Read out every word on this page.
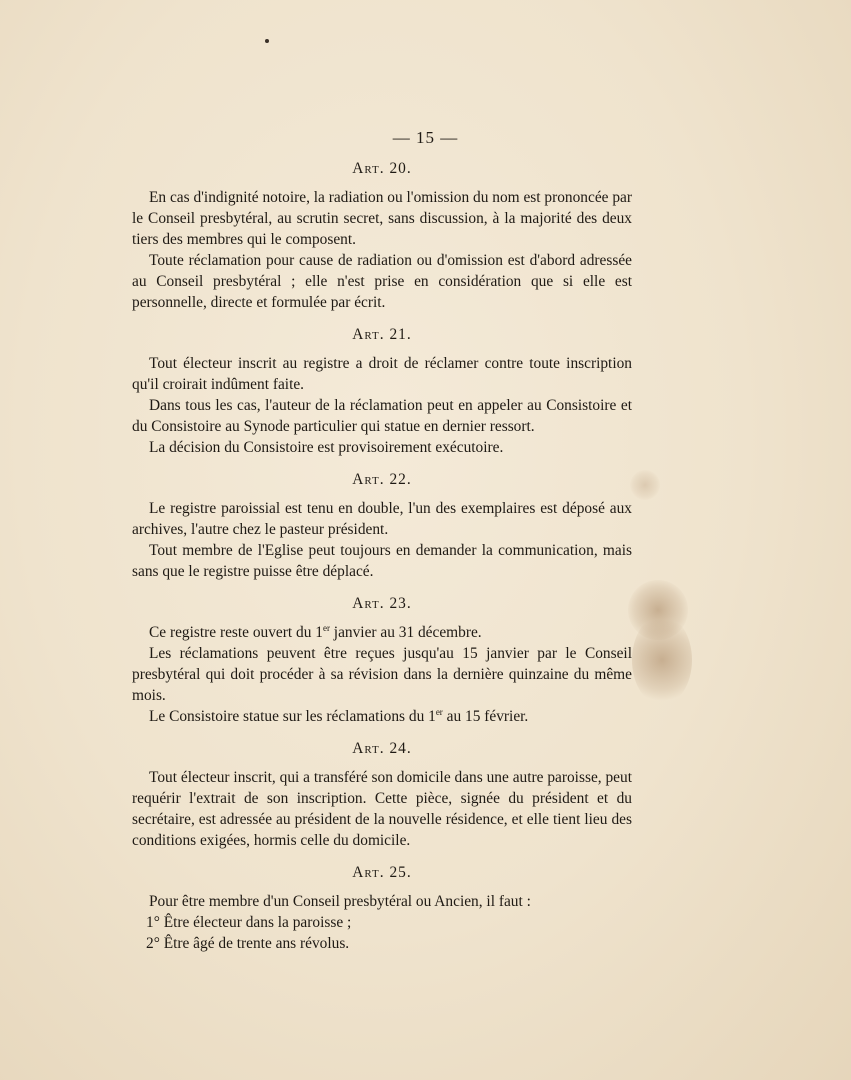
— 15 —
Art. 20.

En cas d'indignité notoire, la radiation ou l'omission du nom est prononcée par le Conseil presbytéral, au scrutin secret, sans discussion, à la majorité des deux tiers des membres qui le composent.

Toute réclamation pour cause de radiation ou d'omission est d'abord adressée au Conseil presbytéral ; elle n'est prise en considération que si elle est personnelle, directe et formulée par écrit.

Art. 21.

Tout électeur inscrit au registre a droit de réclamer contre toute inscription qu'il croirait indûment faite.

Dans tous les cas, l'auteur de la réclamation peut en appeler au Consistoire et du Consistoire au Synode particulier qui statue en dernier ressort.

La décision du Consistoire est provisoirement exécutoire.

Art. 22.

Le registre paroissial est tenu en double, l'un des exemplaires est déposé aux archives, l'autre chez le pasteur président.

Tout membre de l'Eglise peut toujours en demander la communication, mais sans que le registre puisse être déplacé.

Art. 23.

Ce registre reste ouvert du 1er janvier au 31 décembre.

Les réclamations peuvent être reçues jusqu'au 15 janvier par le Conseil presbytéral qui doit procéder à sa révision dans la dernière quinzaine du même mois.

Le Consistoire statue sur les réclamations du 1er au 15 février.

Art. 24.

Tout électeur inscrit, qui a transféré son domicile dans une autre paroisse, peut requérir l'extrait de son inscription. Cette pièce, signée du président et du secrétaire, est adressée au président de la nouvelle résidence, et elle tient lieu des conditions exigées, hormis celle du domicile.

Art. 25.

Pour être membre d'un Conseil presbytéral ou Ancien, il faut :

1° Être électeur dans la paroisse ;

2° Être âgé de trente ans révolus.
